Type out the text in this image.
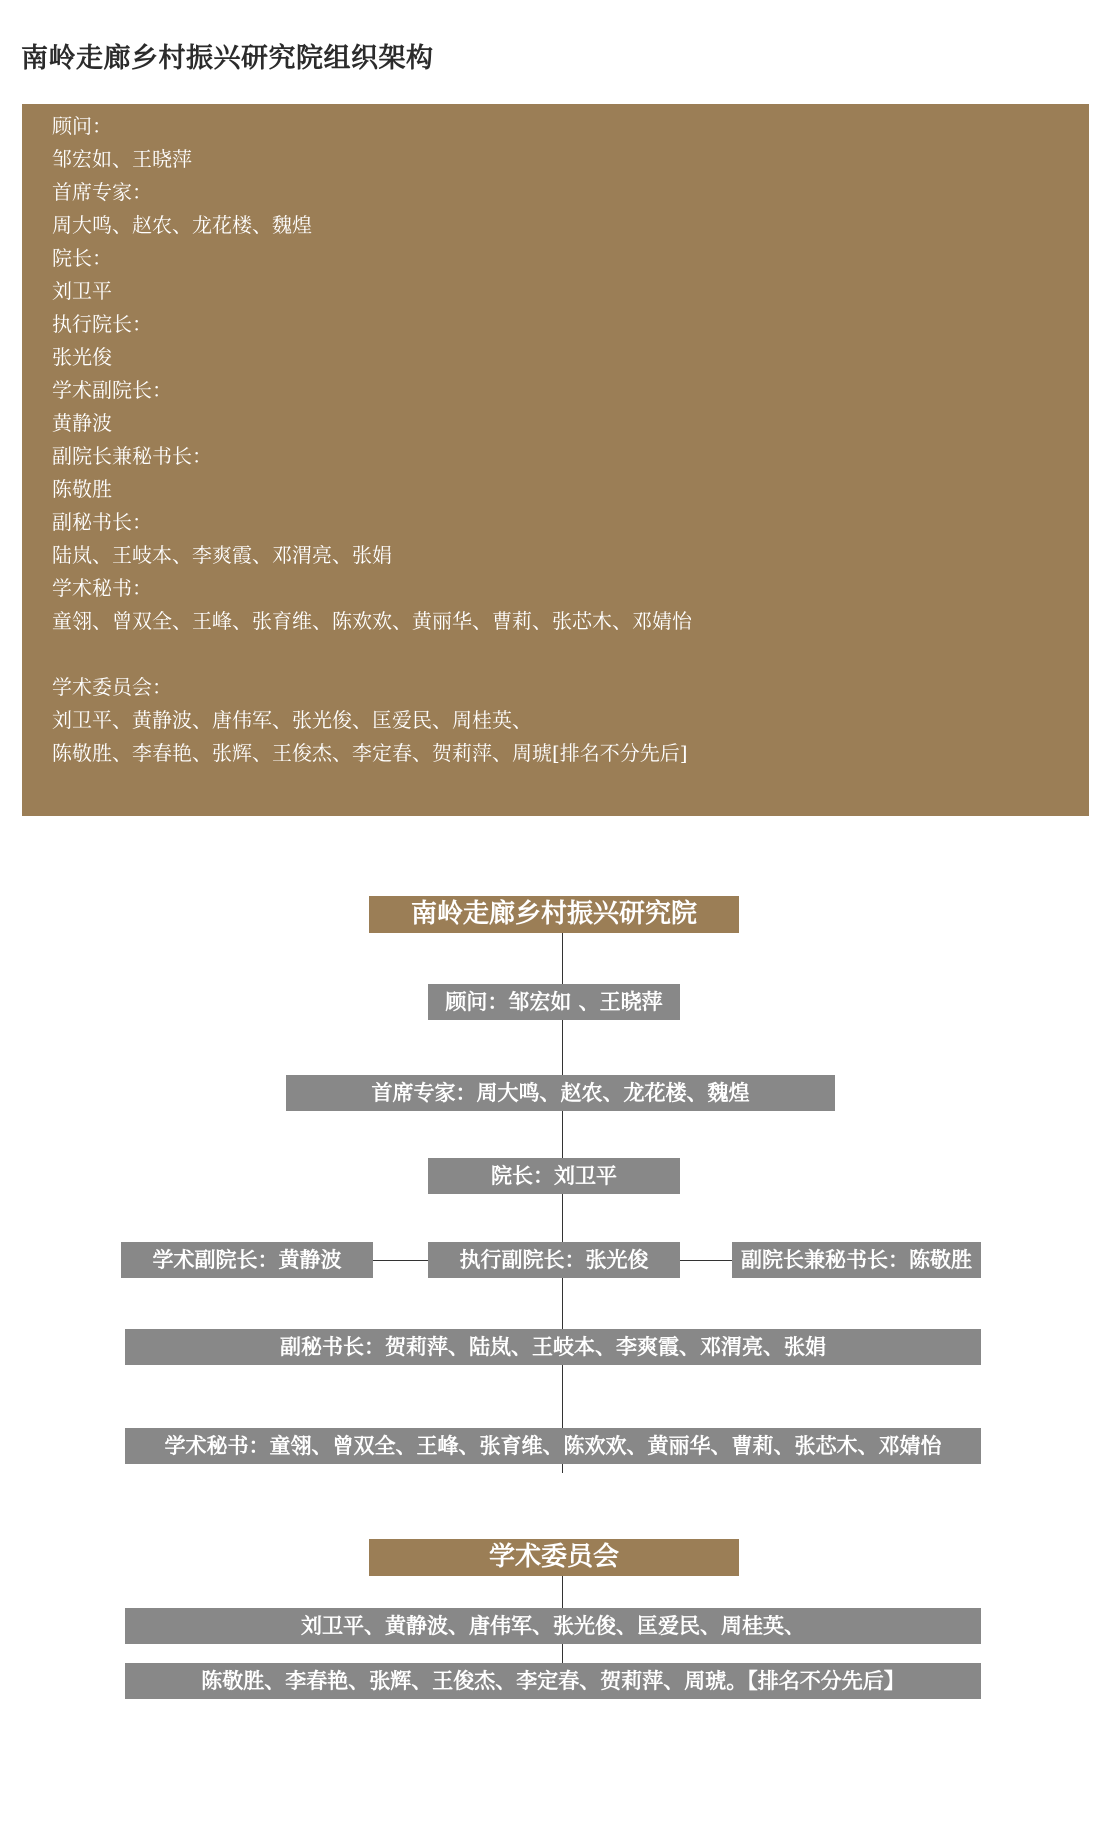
南岭走廊乡村振兴研究院组织架构
顾问：
邹宏如、王晓萍
首席专家：
周大鸣、赵农、龙花楼、魏煌
院长：
刘卫平
执行院长：
张光俊
学术副院长：
黄静波
副院长兼秘书长：
陈敬胜
副秘书长：
陆岚、王岐本、李爽霞、邓渭亮、张娟
学术秘书：
童翎、曾双全、王峰、张育维、陈欢欢、黄丽华、曹莉、张芯木、邓婧怡
学术委员会：
刘卫平、黄静波、唐伟军、张光俊、匡爱民、周桂英、
陈敬胜、李春艳、张辉、王俊杰、李定春、贺莉萍、周琥[排名不分先后]
南岭走廊乡村振兴研究院
顾问：邹宏如 、王晓萍
首席专家：周大鸣、赵农、龙花楼、魏煌
院长：刘卫平
学术副院长：黄静波	执行副院长：张光俊	副院长兼秘书长：陈敬胜
副秘书长：贺莉萍、陆岚、王岐本、李爽霞、邓渭亮、张娟
学术秘书：童翎、曾双全、王峰、张育维、陈欢欢、黄丽华、曹莉、张芯木、邓婧怡
学术委员会
刘卫平、黄静波、唐伟军、张光俊、匡爱民、周桂英、
陈敬胜、李春艳、张辉、王俊杰、李定春、贺莉萍、周琥。【排名不分先后】
